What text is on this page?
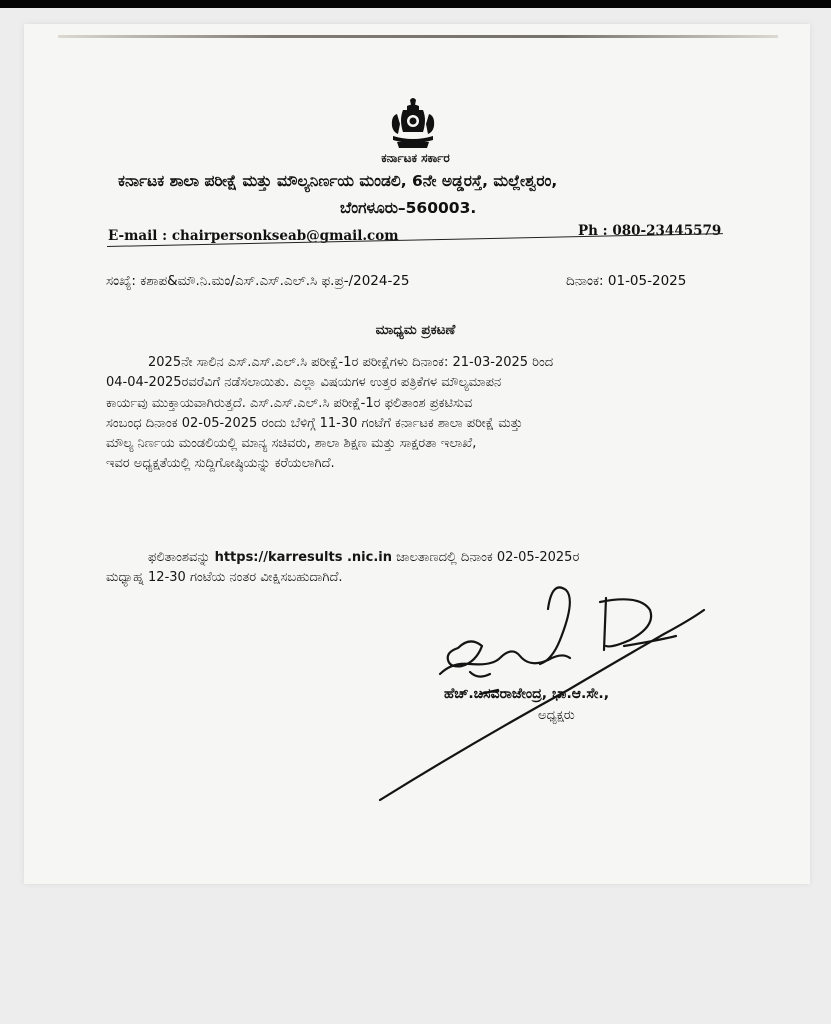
ಕರ್ನಾಟಕ ಸರ್ಕಾರ
ಕರ್ನಾಟಕ ಶಾಲಾ ಪರೀಕ್ಷೆ ಮತ್ತು ಮೌಲ್ಯನಿರ್ಣಯ ಮಂಡಲಿ, 6ನೇ ಅಡ್ಡರಸ್ತೆ, ಮಲ್ಲೇಶ್ವರಂ,
ಬೆಂಗಳೂರು–560003.
E-mail : chairpersonkseab@gmail.com	Ph : 080-23445579
ಸಂಖ್ಯೆ: ಕಶಾಪ&ಮೌ.ನಿ.ಮಂ/ಎಸ್.ಎಸ್.ಎಲ್.ಸಿ ಫ.ಪ್ರ-/2024-25	ದಿನಾಂಕ: 01-05-2025
ಮಾಧ್ಯಮ ಪ್ರಕಟಣೆ
2025ನೇ ಸಾಲಿನ ಎಸ್.ಎಸ್.ಎಲ್.ಸಿ ಪರೀಕ್ಷೆ-1ರ ಪರೀಕ್ಷೆಗಳು ದಿನಾಂಕ: 21-03-2025 ರಿಂದ
04-04-2025ರವರೆವಿಗೆ ನಡೆಸಲಾಯಿತು. ಎಲ್ಲಾ ವಿಷಯಗಳ ಉತ್ತರ ಪತ್ರಿಕೆಗಳ ಮೌಲ್ಯಮಾಪನ
ಕಾರ್ಯವು ಮುಕ್ತಾಯವಾಗಿರುತ್ತದೆ. ಎಸ್.ಎಸ್.ಎಲ್.ಸಿ ಪರೀಕ್ಷೆ-1ರ ಫಲಿತಾಂಶ ಪ್ರಕಟಿಸುವ
ಸಂಬಂಧ ದಿನಾಂಕ 02-05-2025 ರಂದು ಬೆಳಿಗ್ಗೆ 11-30 ಗಂಟೆಗೆ ಕರ್ನಾಟಕ ಶಾಲಾ ಪರೀಕ್ಷೆ ಮತ್ತು
ಮೌಲ್ಯ ನಿರ್ಣಯ ಮಂಡಲಿಯಲ್ಲಿ ಮಾನ್ಯ ಸಚಿವರು, ಶಾಲಾ ಶಿಕ್ಷಣ ಮತ್ತು ಸಾಕ್ಷರತಾ ಇಲಾಖೆ,
ಇವರ ಅಧ್ಯಕ್ಷತೆಯಲ್ಲಿ ಸುದ್ದಿಗೋಷ್ಠಿಯನ್ನು ಕರೆಯಲಾಗಿದೆ.
ಫಲಿತಾಂಶವನ್ನು https://karresults .nic.in ಜಾಲತಾಣದಲ್ಲಿ ದಿನಾಂಕ 02-05-2025ರ
ಮಧ್ಯಾಹ್ನ 12-30 ಗಂಟೆಯ ನಂತರ ವೀಕ್ಷಿಸಬಹುದಾಗಿದೆ.
ಹೆಚ್.ಬಸವರಾಜೇಂದ್ರ, ಭಾ.ಆ.ಸೇ.,
ಅಧ್ಯಕ್ಷರು
